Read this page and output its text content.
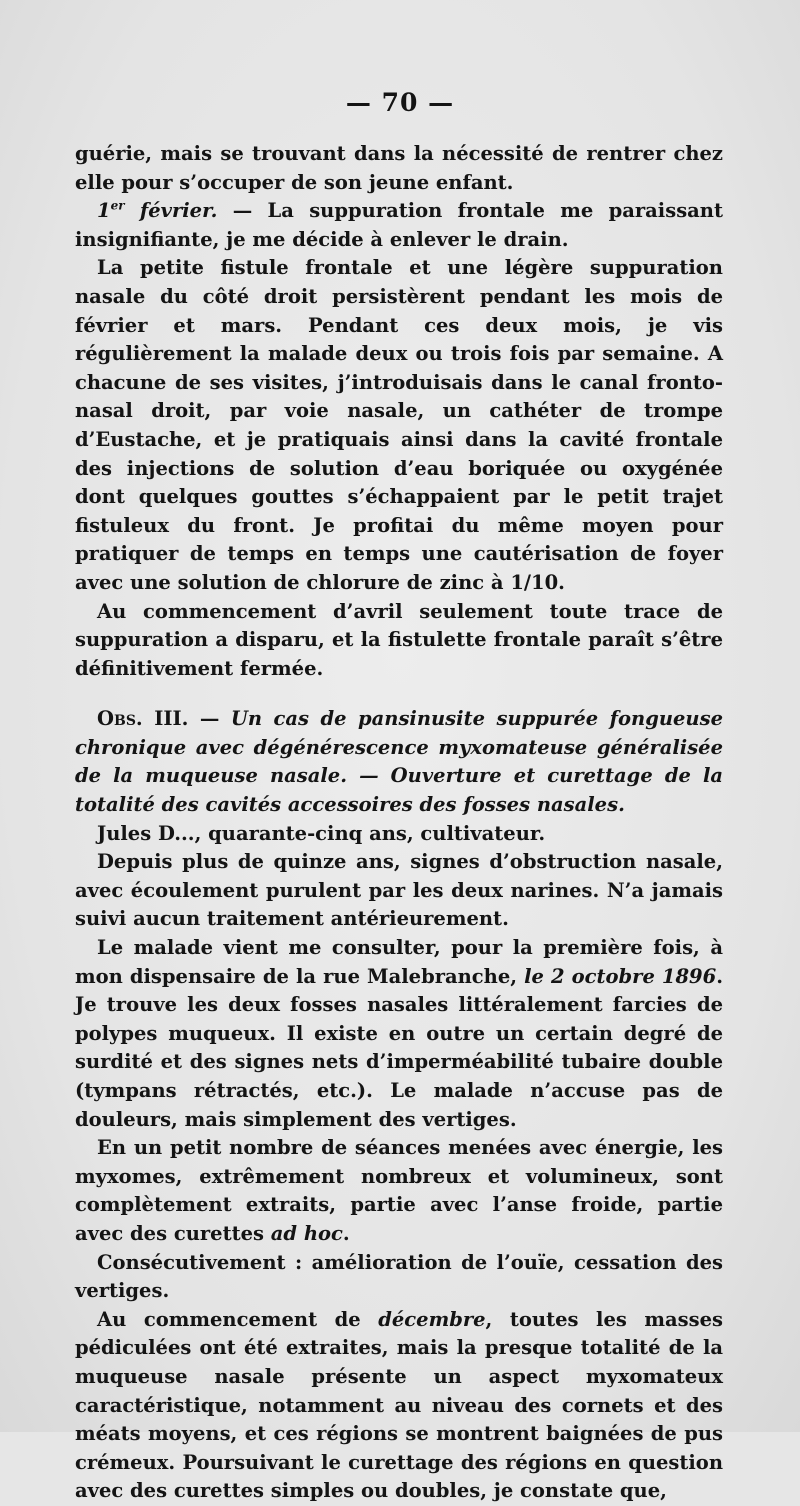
— 70 —

guérie, mais se trouvant dans la nécessité de rentrer chez elle pour s’occuper de son jeune enfant.

1er février. — La suppuration frontale me paraissant insignifiante, je me décide à enlever le drain.

La petite fistule frontale et une légère suppuration nasale du côté droit persistèrent pendant les mois de février et mars. Pendant ces deux mois, je vis régulièrement la malade deux ou trois fois par semaine. A chacune de ses visites, j’introduisais dans le canal fronto-nasal droit, par voie nasale, un cathéter de trompe d’Eustache, et je pratiquais ainsi dans la cavité frontale des injections de solution d’eau boriquée ou oxygénée dont quelques gouttes s’échappaient par le petit trajet fistuleux du front. Je profitai du même moyen pour pratiquer de temps en temps une cautérisation de foyer avec une solution de chlorure de zinc à 1/10.

Au commencement d’avril seulement toute trace de suppuration a disparu, et la fistulette frontale paraît s’être définitivement fermée.

Obs. III. — Un cas de pansinusite suppurée fongueuse chronique avec dégénérescence myxomateuse généralisée de la muqueuse nasale. — Ouverture et curettage de la totalité des cavités accessoires des fosses nasales.

Jules D..., quarante-cinq ans, cultivateur.

Depuis plus de quinze ans, signes d’obstruction nasale, avec écoulement purulent par les deux narines. N’a jamais suivi aucun traitement antérieurement.

Le malade vient me consulter, pour la première fois, à mon dispensaire de la rue Malebranche, le 2 octobre 1896. Je trouve les deux fosses nasales littéralement farcies de polypes muqueux. Il existe en outre un certain degré de surdité et des signes nets d’imperméabilité tubaire double (tympans rétractés, etc.). Le malade n’accuse pas de douleurs, mais simplement des vertiges.

En un petit nombre de séances menées avec énergie, les myxomes, extrêmement nombreux et volumineux, sont complètement extraits, partie avec l’anse froide, partie avec des curettes ad hoc.

Consécutivement : amélioration de l’ouïe, cessation des vertiges.

Au commencement de décembre, toutes les masses pédiculées ont été extraites, mais la presque totalité de la muqueuse nasale présente un aspect myxomateux caractéristique, notamment au niveau des cornets et des méats moyens, et ces régions se montrent baignées de pus crémeux. Poursuivant le curettage des régions en question avec des curettes simples ou doubles, je constate que,
